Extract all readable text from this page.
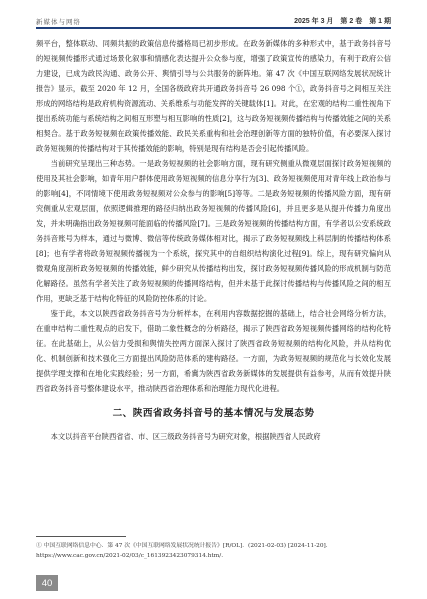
新媒体与网络	2025 年 3 月　第 2 卷　第 1 期

频平台，整体联动、同频共振的政策信息传播格局已初步形成。在政务新媒体的多种形式中，基于政务抖音号的短视频传播形式通过场景化叙事和情感化表达提升公众参与度，增强了政策宣传的感染力，有利于政府公信力建设，已成为政民沟通、政务公开、舆情引导与公共服务的新阵地。第 47 次《中国互联网络发展状况统计报告》显示，截至 2020 年 12 月，全国各级政府共开通政务抖音号 26 098 个①，政务抖音号之间相互关注形成的网络结构是政府机构资源流动、关系维系与功能发挥的关键载体[1]。对此，在宏观的结构二重性视角下提出系统功能与系统结构之间相互形塑与相互影响的性质[2]，这与政务短视频传播结构与传播效能之间的关系相契合。基于政务短视频在政策传播效能、政民关系重构和社会治理创新等方面的独特价值，有必要深入探讨政务短视频的传播结构对于其传播效能的影响，特别是现有结构是否会引起传播风险。

当前研究呈现出三种态势。一是政务短视频的社会影响方面，现有研究侧重从微观层面探讨政务短视频的使用及其社会影响，如青年用户群体使用政务短视频的信息分享行为[3]、政务短视频使用对青年线上政治参与的影响[4]，不同情境下使用政务短视频对公众参与的影响[5]等等。二是政务短视频的传播风险方面，现有研究侧重从宏观层面，依照逻辑推理的路径归纳出政务短视频的传播风险[6]，并且更多是从提升传播力角度出发，并未明确指出政务短视频可能面临的传播风险[7]。三是政务短视频的传播结构方面，有学者以公安系统政务抖音账号为样本，通过与微博、微信等传统政务媒体相对比，揭示了政务短视频线上科层制的传播结构体系[8]；也有学者将政务短视频传播视为一个系统，探究其中的自组织结构演化过程[9]。综上，现有研究偏向从微观角度剖析政务短视频的传播效能，鲜少研究从传播结构出发，探讨政务短视频传播风险的形成机制与防范化解路径。虽然有学者关注了政务短视频的传播网络结构，但并未基于此探讨传播结构与传播风险之间的相互作用，更缺乏基于结构化特征的风险防控体系的讨论。

鉴于此，本文以陕西省政务抖音号为分析样本，在利用内容数据挖掘的基础上，结合社会网络分析方法，在重申结构二重性观点的启发下，借助二象性概念的分析路径，揭示了陕西省政务短视频传播网络的结构化特征。在此基础上，从公信力受损和舆情失控两方面深入探讨了陕西省政务短视频的结构化风险，并从结构优化、机制创新和技术强化三方面提出风险防范体系的建构路径。一方面，为政务短视频的规范化与长效化发展提供学理支撑和在地化实践经验；另一方面，希冀为陕西省政务新媒体的发展提供有益参考，从而有效提升陕西省政务抖音号整体建设水平，推动陕西省治理体系和治理能力现代化进程。

二、陕西省政务抖音号的基本情况与发展态势

本文以抖音平台陕西省省、市、区三级政务抖音号为研究对象，根据陕西省人民政府

① 中国互联网络信息中心．第 47 次《中国互联网络发展状况统计报告》[R/OL]．(2021-02-03) [2024-11-20]. https://www.cac.gov.cn/2021-02/03/c_1613923423079314.htm/.
40
